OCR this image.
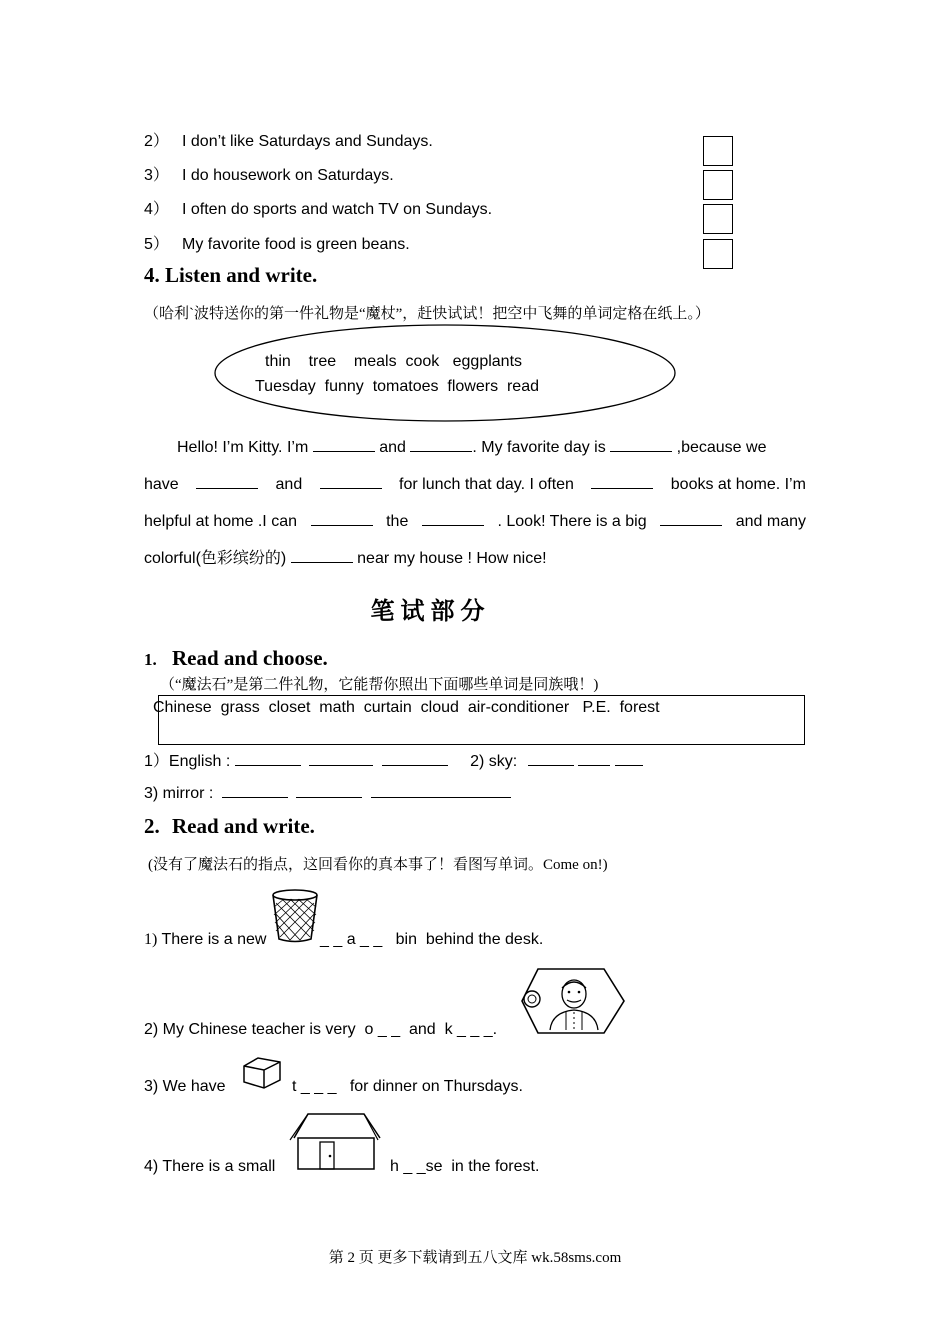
2） I don’t like Saturdays and Sundays.
3） I do housework on Saturdays.
4） I often do sports and watch TV on Sundays.
5） My favorite food is green beans.
4. Listen and write.
（哈利`波特送你的第一件礼物是“魔杖”，赶快试试！把空中飞舞的单词定格在纸上。）
thin    tree    meals  cook   eggplants
Tuesday  funny  tomatoes  flowers  read
Hello! I’m Kitty. I’m	and	. My favorite day is	,because we
have	and	for lunch that day. I often	books at home. I’m
helpful at home .I can	the	. Look! There is a big	and many
colorful(色彩缤纷的)	near my house ! How nice!
笔 试 部 分
1. Read and choose.
（“魔法石”是第二件礼物，它能帮你照出下面哪些单词是同族哦！)
Chinese  grass  closet  math  curtain  cloud  air-conditioner   P.E.  forest
1）English :	2) sky:
3) mirror :
2. Read and write.
(没有了魔法石的指点，这回看你的真本事了！看图写单词。Come on!)
1) There is a new	_ _ a _ _   bin  behind the desk.
2) My Chinese teacher is very  o _ _  and  k _ _ _.
3) We have	t _ _ _   for dinner on Thursdays.
4) There is a small	h _ _se  in the forest.
第 2 页 更多下载请到五八文库 wk.58sms.com
